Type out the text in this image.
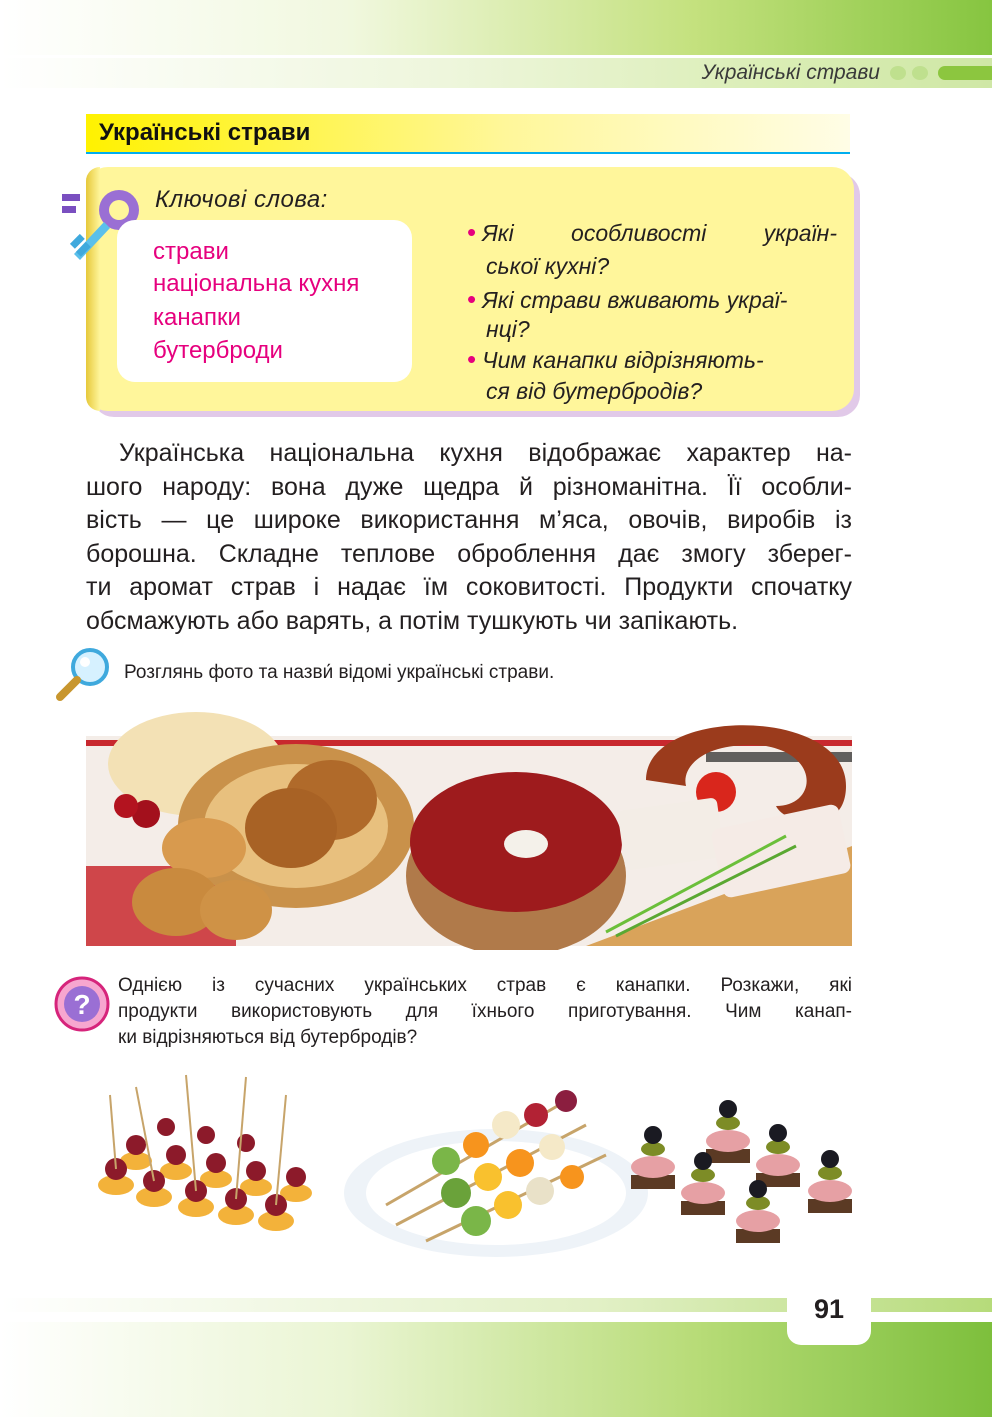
Українські страви
Українські страви
Ключові слова:
страви
національна кухня
канапки
бутерброди
• Які особливості україн-
ської кухні?
• Які страви вживають украї-
нці?
• Чим канапки відрізняють-
ся від бутербродів?
Українська національна кухня відображає характер на-
шого народу: вона дуже щедра й різноманітна. Її особли-
вість — це широке використання м’яса, овочів, виробів із
борошна. Складне теплове оброблення дає змогу зберег-
ти аромат страв і надає їм соковитості. Продукти спочатку
обсмажують або варять, а потім тушкують чи запікають.
Розглянь фото та назви́ відомі українські страви.
?
Однією із сучасних українських страв є канапки. Розкажи, які
продукти використовують для їхнього приготування. Чим канап-
ки відрізняються від бутербродів?
91
